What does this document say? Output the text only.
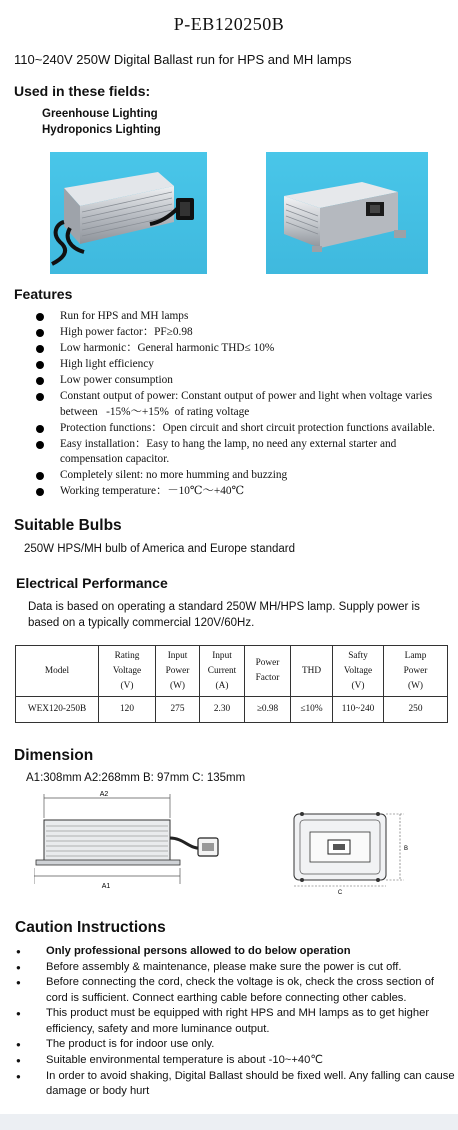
P-EB120250B
110~240V 250W Digital Ballast run for HPS and MH lamps
Used in these fields:
Greenhouse Lighting
Hydroponics Lighting
Features
Run for HPS and MH lamps
High power factor：PF≥0.98
Low harmonic：General harmonic THD≤ 10%
High light efficiency
Low power consumption
Constant output of power: Constant output of power and light when voltage varies
between   -15%～+15%  of rating voltage
Protection functions：Open circuit and short circuit protection functions available.
Easy installation：Easy to hang the lamp, no need any external starter and
compensation capacitor.
Completely silent: no more humming and buzzing
Working temperature：－10℃～+40℃
Suitable Bulbs
250W HPS/MH bulb of America and Europe standard
Electrical Performance
Data is based on operating a standard 250W MH/HPS lamp. Supply power is based on a typically commercial 120V/60Hz.
Model	Rating
Voltage
(V)	Input
Power
(W)	Input
Current
(A)	Power
Factor	THD	Safty
Voltage
(V)	Lamp
Power
(W)
WEX120-250B	120	275	2.30	≥0.98	≤10%	110~240	250
Dimension
A1:308mm A2:268mm B: 97mm C: 135mm
A2
A1
C
B
Caution Instructions
● Only professional persons allowed to do below operation
● Before assembly & maintenance, please make sure the power is cut off.
● Before connecting the cord, check the voltage is ok, check the cross section of cord is sufficient. Connect earthing cable before connecting other cables.
● This product must be equipped with right HPS and MH lamps as to get higher efficiency, safety and more luminance output.
● The product is for indoor use only.
● Suitable environmental temperature is about -10~+40℃
● In order to avoid shaking, Digital Ballast should be fixed well. Any falling can cause damage or body hurt
